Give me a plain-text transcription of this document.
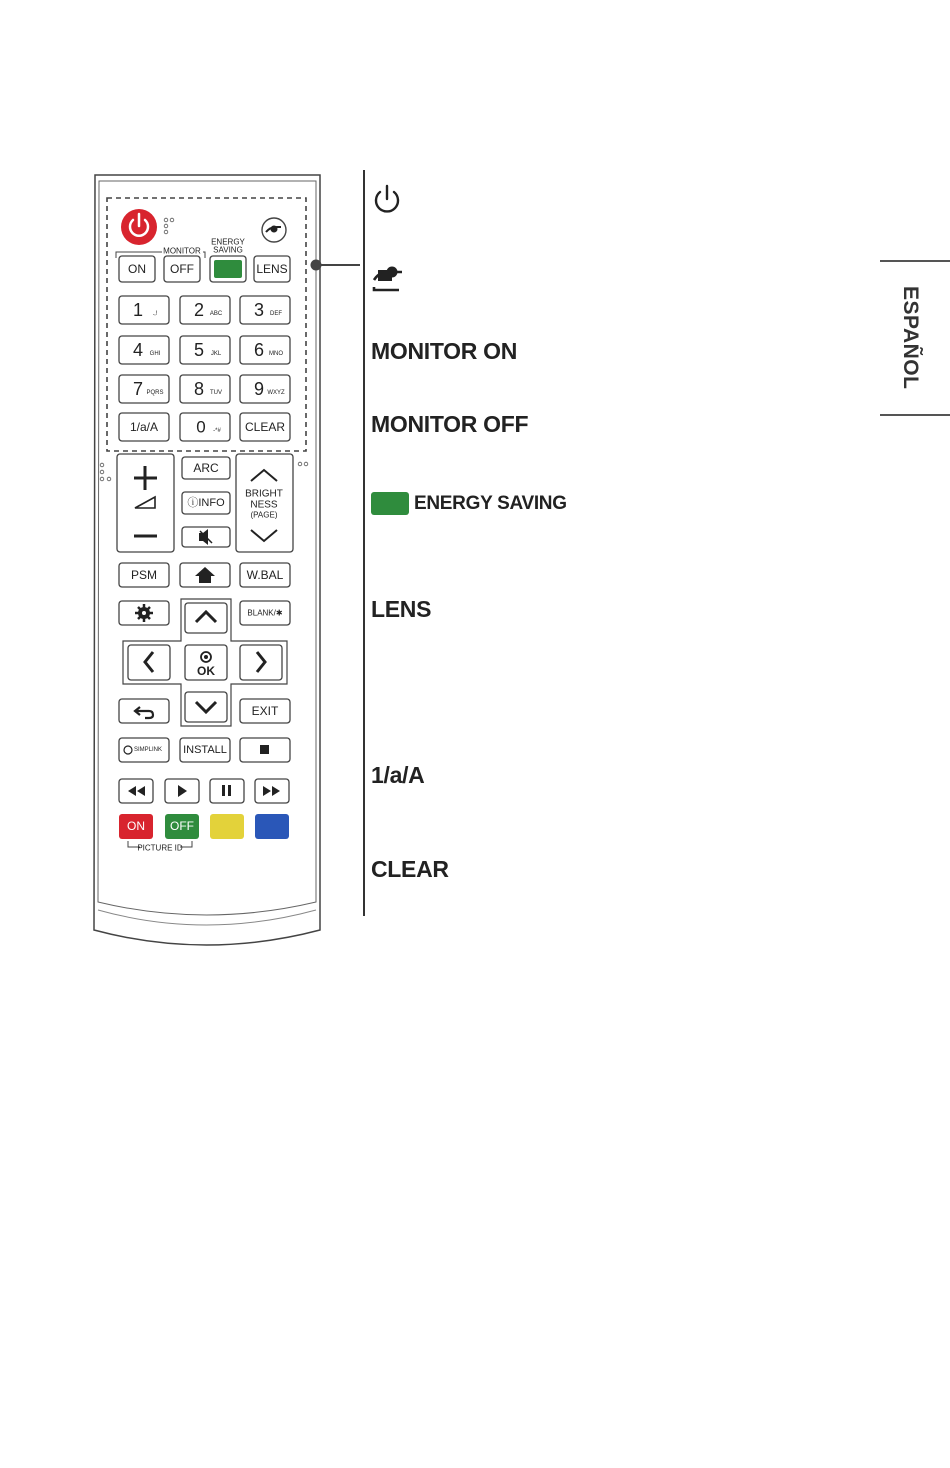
MONITOR
ENERGY
SAVING
ON OFF	LENS
1 .,! 2 ABC 3 DEF
4 GHI 5 JKL 6 MNO
7 PQRS 8 TUV 9 WXYZ
1/a/A 0 -*# CLEAR
ARC
ⓘINFO
BRIGHT
NESS
(PAGE)
PSM	W.BAL
BLANK/✱
OK
EXIT
SIMPLINK INSTALL
ON OFF
PICTURE ID
MONITOR ON
MONITOR OFF
ENERGY SAVING
LENS
1/a/A
CLEAR
ESPAÑOL
